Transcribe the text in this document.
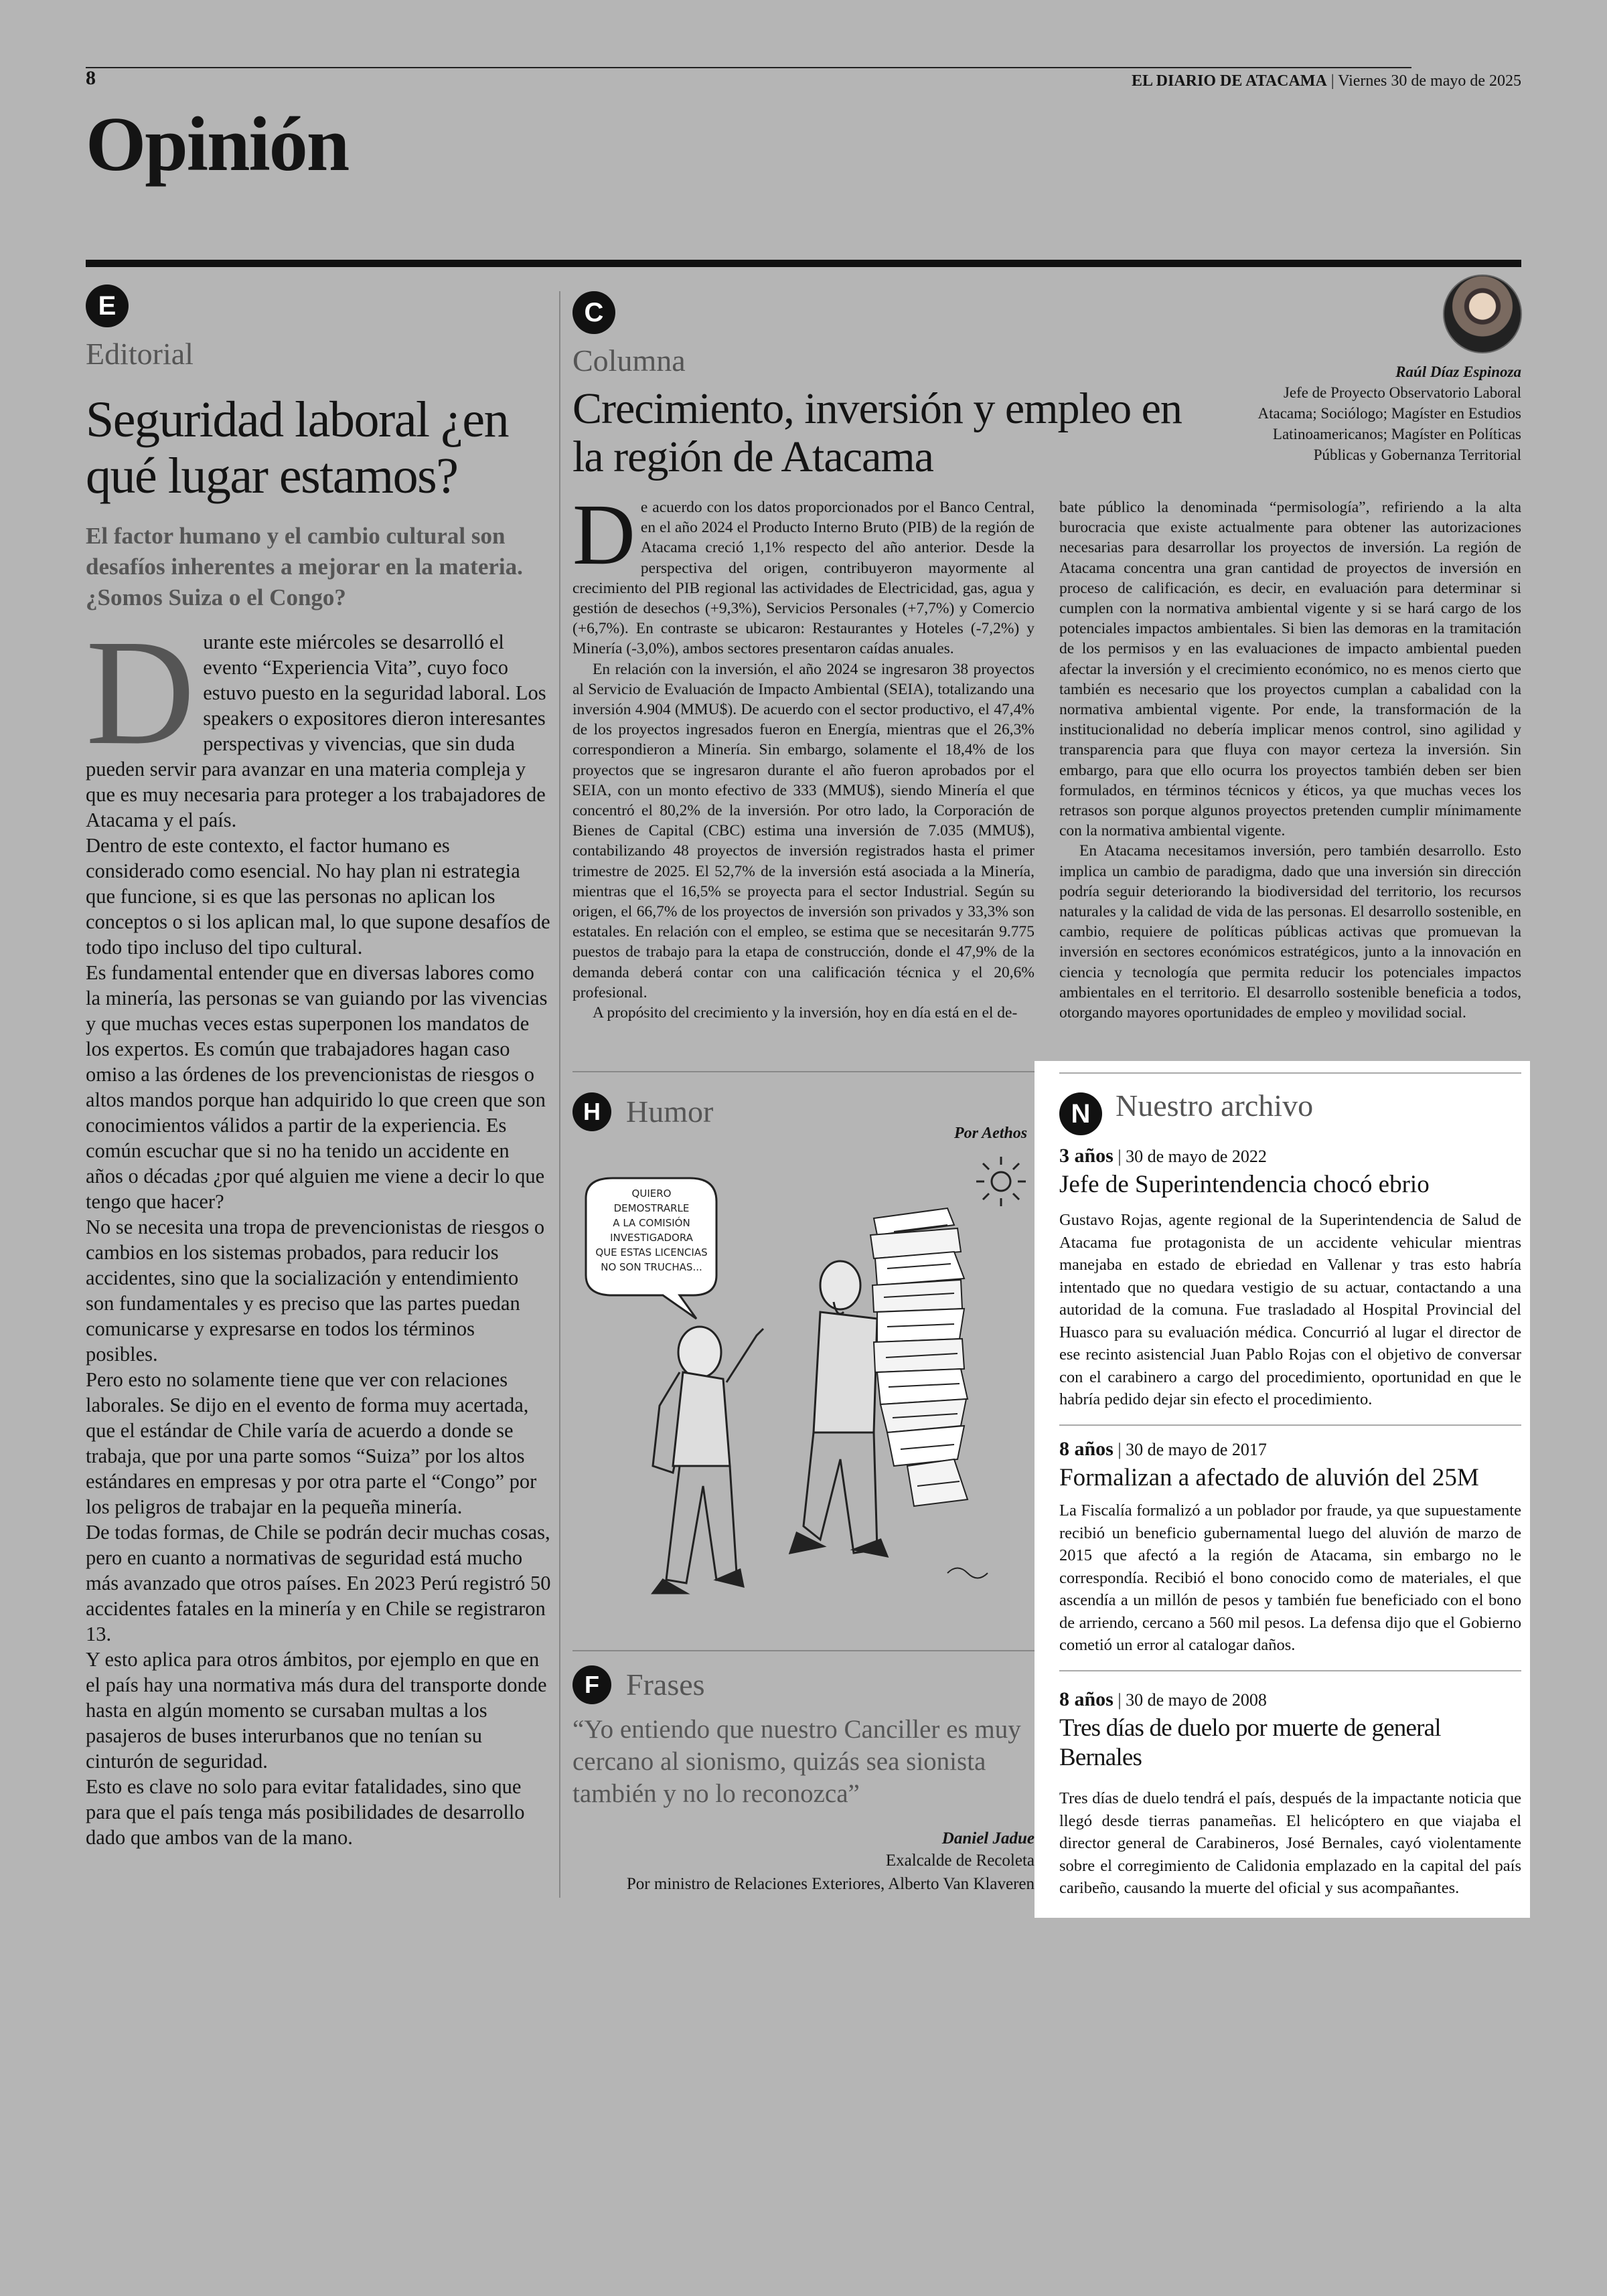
8	EL DIARIO DE ATACAMA | Viernes 30 de mayo de 2025
Opinión
E
Editorial
Seguridad laboral ¿en qué lugar estamos?
El factor humano y el cambio cultural son desafíos inherentes a mejorar en la materia. ¿Somos Suiza o el Congo?

Durante este miércoles se desarrolló el evento “Experiencia Vita”, cuyo foco estuvo puesto en la seguridad laboral. Los speakers o expositores dieron interesantes perspectivas y vivencias, que sin duda pueden servir para avanzar en una materia compleja y que es muy necesaria para proteger a los trabajadores de Atacama y el país.

Dentro de este contexto, el factor humano es considerado como esencial. No hay plan ni estrategia que funcione, si es que las personas no aplican los conceptos o si los aplican mal, lo que supone desafíos de todo tipo incluso del tipo cultural.

Es fundamental entender que en diversas labores como la minería, las personas se van guiando por las vivencias y que muchas veces estas superponen los mandatos de los expertos. Es común que trabajadores hagan caso omiso a las órdenes de los prevencionistas de riesgos o altos mandos porque han adquirido lo que creen que son conocimientos válidos a partir de la experiencia. Es común escuchar que si no ha tenido un accidente en años o décadas ¿por qué alguien me viene a decir lo que tengo que hacer?

No se necesita una tropa de prevencionistas de riesgos o cambios en los sistemas probados, para reducir los accidentes, sino que la socialización y entendimiento son fundamentales y es preciso que las partes puedan comunicarse y expresarse en todos los términos posibles.

Pero esto no solamente tiene que ver con relaciones laborales. Se dijo en el evento de forma muy acertada, que el estándar de Chile varía de acuerdo a donde se trabaja, que por una parte somos “Suiza” por los altos estándares en empresas y por otra parte el “Congo” por los peligros de trabajar en la pequeña minería.

De todas formas, de Chile se podrán decir muchas cosas, pero en cuanto a normativas de seguridad está mucho más avanzado que otros países. En 2023 Perú registró 50 accidentes fatales en la minería y en Chile se registraron 13.

Y esto aplica para otros ámbitos, por ejemplo en que en el país hay una normativa más dura del transporte donde hasta en algún momento se cursaban multas a los pasajeros de buses interurbanos que no tenían su cinturón de seguridad.

Esto es clave no solo para evitar fatalidades, sino que para que el país tenga más posibilidades de desarrollo dado que ambos van de la mano.

C
Columna
Crecimiento, inversión y empleo en la región de Atacama
Raúl Díaz Espinoza
Jefe de Proyecto Observatorio Laboral Atacama; Sociólogo; Magíster en Estudios Latinoamericanos; Magíster en Políticas Públicas y Gobernanza Territorial

De acuerdo con los datos proporcionados por el Banco Central, en el año 2024 el Producto Interno Bruto (PIB) de la región de Atacama creció 1,1% respecto del año anterior. Desde la perspectiva del origen, contribuyeron mayormente al crecimiento del PIB regional las actividades de Electricidad, gas, agua y gestión de desechos (+9,3%), Servicios Personales (+7,7%) y Comercio (+6,7%). En contraste se ubicaron: Restaurantes y Hoteles (-7,2%) y Minería (-3,0%), ambos sectores presentaron caídas anuales.

En relación con la inversión, el año 2024 se ingresaron 38 proyectos al Servicio de Evaluación de Impacto Ambiental (SEIA), totalizando una inversión 4.904 (MMU$). De acuerdo con el sector productivo, el 47,4% de los proyectos ingresados fueron en Energía, mientras que el 26,3% correspondieron a Minería. Sin embargo, solamente el 18,4% de los proyectos que se ingresaron durante el año fueron aprobados por el SEIA, con un monto efectivo de 333 (MMU$), siendo Minería el que concentró el 80,2% de la inversión. Por otro lado, la Corporación de Bienes de Capital (CBC) estima una inversión de 7.035 (MMU$), contabilizando 48 proyectos de inversión registrados hasta el primer trimestre de 2025. El 52,7% de la inversión está asociada a la Minería, mientras que el 16,5% se proyecta para el sector Industrial. Según su origen, el 66,7% de los proyectos de inversión son privados y 33,3% son estatales. En relación con el empleo, se estima que se necesitarán 9.775 puestos de trabajo para la etapa de construcción, donde el 47,9% de la demanda deberá contar con una calificación técnica y el 20,6% profesional.

A propósito del crecimiento y la inversión, hoy en día está en el de-

bate público la denominada “permisología”, refiriendo a la alta burocracia que existe actualmente para obtener las autorizaciones necesarias para desarrollar los proyectos de inversión. La región de Atacama concentra una gran cantidad de proyectos de inversión en proceso de calificación, es decir, en evaluación para determinar si cumplen con la normativa ambiental vigente y si se hará cargo de los potenciales impactos ambientales. Si bien las demoras en la tramitación de los permisos y en las evaluaciones de impacto ambiental pueden afectar la inversión y el crecimiento económico, no es menos cierto que también es necesario que los proyectos cumplan a cabalidad con la normativa ambiental vigente. Por ende, la transformación de la institucionalidad no debería implicar menos control, sino agilidad y transparencia para que fluya con mayor certeza la inversión. Sin embargo, para que ello ocurra los proyectos también deben ser bien formulados, en términos técnicos y éticos, ya que muchas veces los retrasos son porque algunos proyectos pretenden cumplir mínimamente con la normativa ambiental vigente.

En Atacama necesitamos inversión, pero también desarrollo. Esto implica un cambio de paradigma, dado que una inversión sin dirección podría seguir deteriorando la biodiversidad del territorio, los recursos naturales y la calidad de vida de las personas. El desarrollo sostenible, en cambio, requiere de políticas públicas activas que promuevan la inversión en sectores económicos estratégicos, junto a la innovación en ciencia y tecnología que permita reducir los potenciales impactos ambientales en el territorio. El desarrollo sostenible beneficia a todos, otorgando mayores oportunidades de empleo y movilidad social.

H Humor
Por Aethos
QUIERO
DEMOSTRARLE
A LA COMISIÓN
INVESTIGADORA
QUE ESTAS LICENCIAS
NO SON TRUCHAS...
F Frases
“Yo entiendo que nuestro Canciller es muy cercano al sionismo, quizás sea sionista también y no lo reconozca”
Daniel Jadue
Exalcalde de Recoleta
Por ministro de Relaciones Exteriores, Alberto Van Klaveren
N Nuestro archivo
3 años | 30 de mayo de 2022
Jefe de Superintendencia chocó ebrio
Gustavo Rojas, agente regional de la Superintendencia de Salud de Atacama fue protagonista de un accidente vehicular mientras manejaba en estado de ebriedad en Vallenar y tras esto habría intentado que no quedara vestigio de su actuar, contactando a una autoridad de la comuna. Fue trasladado al Hospital Provincial del Huasco para su evaluación médica. Concurrió al lugar el director de ese recinto asistencial Juan Pablo Rojas con el objetivo de conversar con el carabinero a cargo del procedimiento, oportunidad en que le habría pedido dejar sin efecto el procedimiento.
8 años | 30 de mayo de 2017
Formalizan a afectado de aluvión del 25M
La Fiscalía formalizó a un poblador por fraude, ya que supuestamente recibió un beneficio gubernamental luego del aluvión de marzo de 2015 que afectó a la región de Atacama, sin embargo no le correspondía. Recibió el bono conocido como de materiales, el que ascendía a un millón de pesos y también fue beneficiado con el bono de arriendo, cercano a 560 mil pesos. La defensa dijo que el Gobierno cometió un error al catalogar daños.
8 años | 30 de mayo de 2008
Tres días de duelo por muerte de general Bernales
Tres días de duelo tendrá el país, después de la impactante noticia que llegó desde tierras panameñas. El helicóptero en que viajaba el director general de Carabineros, José Bernales, cayó violentamente sobre el corregimiento de Calidonia emplazado en la capital del país caribeño, causando la muerte del oficial y sus acompañantes.
